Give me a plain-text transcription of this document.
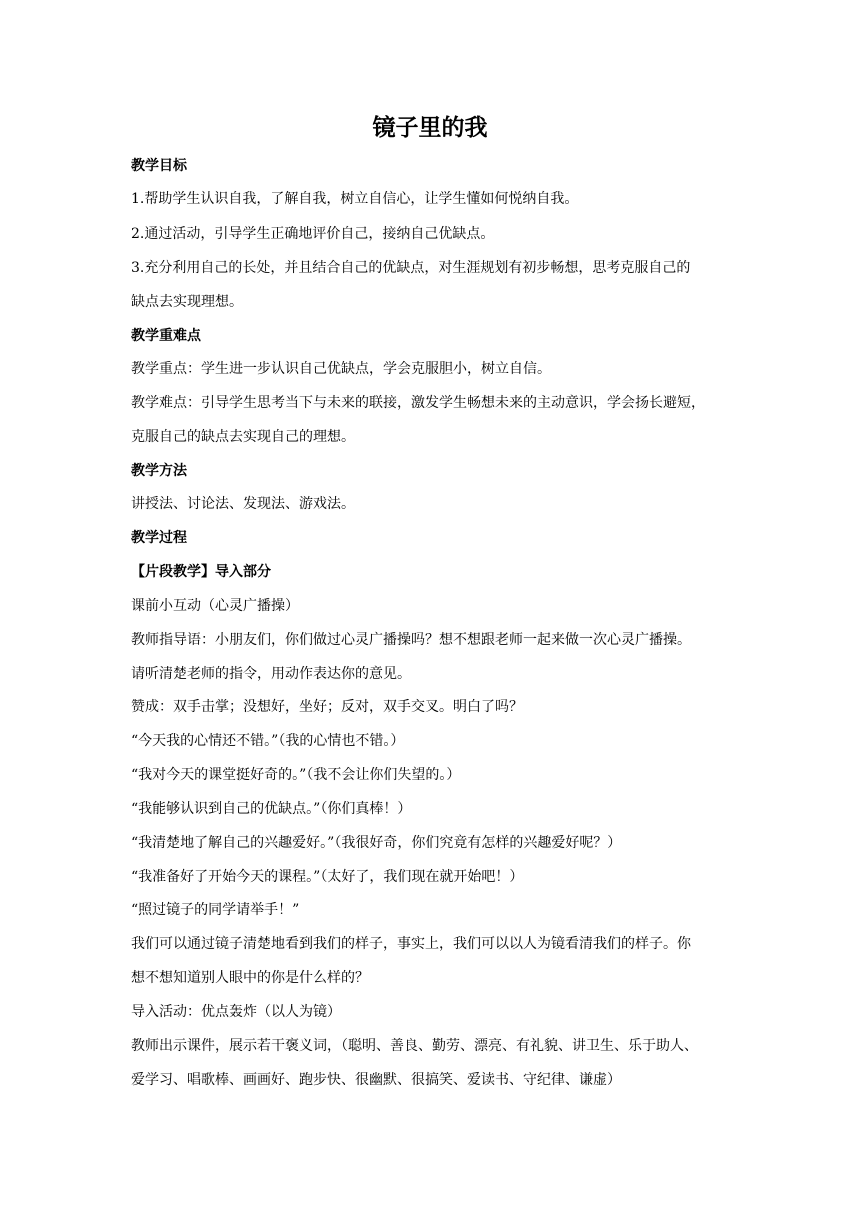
镜子里的我
教学目标
1.帮助学生认识自我，了解自我，树立自信心，让学生懂如何悦纳自我。
2.通过活动，引导学生正确地评价自己，接纳自己优缺点。
3.充分利用自己的长处，并且结合自己的优缺点，对生涯规划有初步畅想，思考克服自己的
缺点去实现理想。
教学重难点
教学重点：学生进一步认识自己优缺点，学会克服胆小，树立自信。
教学难点：引导学生思考当下与未来的联接，激发学生畅想未来的主动意识，学会扬长避短，
克服自己的缺点去实现自己的理想。
教学方法
讲授法、讨论法、发现法、游戏法。
教学过程
【片段教学】导入部分
课前小互动（心灵广播操）
教师指导语：小朋友们，你们做过心灵广播操吗？想不想跟老师一起来做一次心灵广播操。
请听清楚老师的指令，用动作表达你的意见。
赞成：双手击掌；没想好，坐好；反对，双手交叉。明白了吗？
“今天我的心情还不错。”（我的心情也不错。）
“我对今天的课堂挺好奇的。”（我不会让你们失望的。）
“我能够认识到自己的优缺点。”（你们真棒！）
“我清楚地了解自己的兴趣爱好。”（我很好奇，你们究竟有怎样的兴趣爱好呢？）
“我准备好了开始今天的课程。”（太好了，我们现在就开始吧！）
“照过镜子的同学请举手！”
我们可以通过镜子清楚地看到我们的样子，事实上，我们可以以人为镜看清我们的样子。你
想不想知道别人眼中的你是什么样的？
导入活动：优点轰炸（以人为镜）
教师出示课件，展示若干褒义词，（聪明、善良、勤劳、漂亮、有礼貌、讲卫生、乐于助人、
爱学习、唱歌棒、画画好、跑步快、很幽默、很搞笑、爱读书、守纪律、谦虚）
